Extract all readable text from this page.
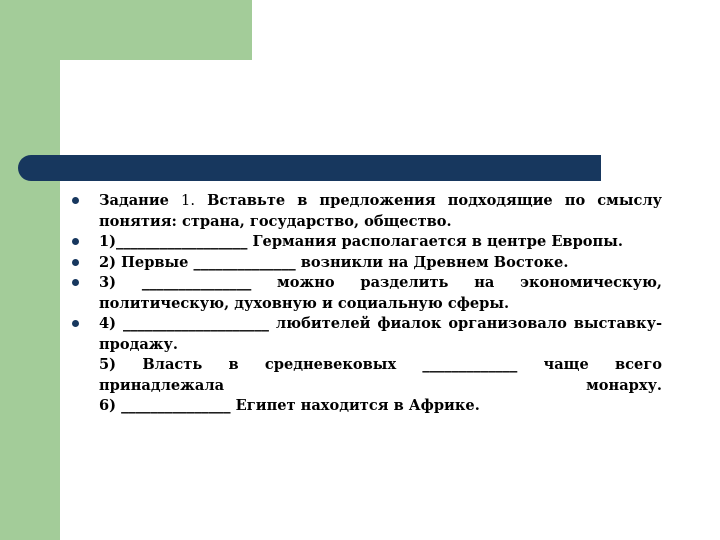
Задание 1. Вставьте в предложения подходящие по смыслу понятия: страна, государство, общество.
1)__________________ Германия располагается в центре Европы.
2) Первые ______________ возникли на Древнем Востоке.
3) _______________ можно разделить на экономическую, политическую, духовную и социальную сферы.
4) ____________________ любителей фиалок организовало выставку-продажу.
5) Власть в средневековых _____________ чаще всего
принадлежала	монарху.
6) _______________ Египет находится в Африке.
